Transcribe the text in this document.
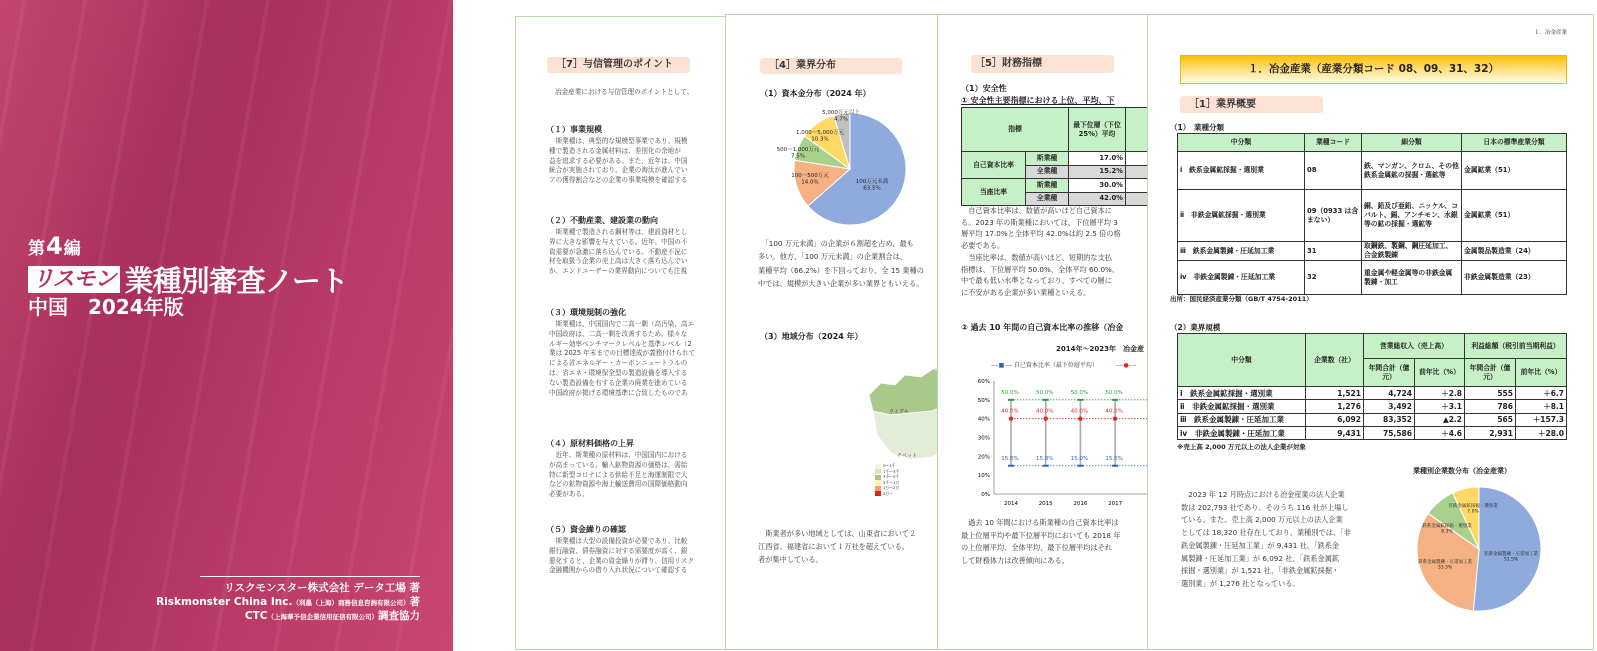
第4編
リスモン 業種別審査ノート
中国　2024年版
リスクモンスター株式会社 データ工場 著
Riskmonster China Inc.（利墨（上海）商務信息咨詢有限公司）著
CTC（上海華予信企業信用征信有限公司）調査協力
［7］与信管理のポイント
冶金産業における与信管理のポイントとして、
（１）事業規模
　斯業種は、典型的な規模型事業であり、規模
種で製造される金属材料は、差別化の余地が
益を追求する必要がある。また、近年は、中国
統合が実施されており、企業の淘汰が進んでい
アの獲得割合などの企業の事業規模を確認する
（２）不動産業、建設業の動向
　斯業種で製造される鋼材等は、建設資材とし
界に大きな影響を与えている。近年、中国の不
資需要が急激に落ち込んでいる。不動産不況に
材を取扱う企業の売上高は大きく落ち込んでい
か、エンドユーザーの業界動向についても注視
（３）環境規制の強化
　斯業種は、中国国内で二高一剰（高汚染、高エ
中国政府は、二高一剰を改善するため、様々な
ルギー効率ベンチマークレベルと基準レベル（2
業は 2025 年末までの目標達成が義務付けられて
による省エネルギー・カーボンニュートラルの
は、省エネ・環境保全型の製造設備を導入する
ない製造設備を有する企業の廃業を進めている
中国政府が掲げる環境基準に合致したものであ
（４）原材料価格の上昇
　近年、斯業種の原材料は、中国国内における
が高まっている。輸入鉱物資源の価格は、需給
特に新型コロナによる供給不足と海運制限で大
などの鉱物資源や海上輸送費用の国際価格動向
必要がある。
（５）資金繰りの確認
　斯業種は大型の設備投資が必要であり、比較
銀行融資、債券融資に対する需要度が高く、銀
悪化すると、企業の資金繰りが滞り、信用リスク
金融機関からの借り入れ状況について確認する
［4］業界分布
（1）資本金分布（2024 年）
100万元未満 63.5%
100～500万元 14.0%
500～1,000万元 7.5%
1,000～5,000万元 10.3%
5,000万元以上 4.7%
　「100 万元未満」の企業が６割超を占め、最も
多い。他方、「100 万元未満」の企業割合は、
業種平均（66.2%）を下回っており、全 15 業種の
中では、規模が大きい企業が多い業界ともいえる。
（3）地域分布（2024 年）
ウイグル
チベット
0～1千
1千～3千
3千～5千
5千～1万
1万～2万
2万～
　斯業者が多い地域としては、山東省において２
江西省、福建省において１万社を超えている。
者が集中している。
［5］財務指標
（1）安全性
① 安全性主要指標における上位、平均、下
指標		最下位層（下位 25%）平均	
自己資本比率	斯業種	17.0%	
	全業種	15.2%	
当座比率	斯業種	30.0%	
	全業種	42.0%	
　自己資本比率は、数値が高いほど自己資本に
る。2023 年の斯業種においては、下位層平均 3
層平均 17.0%と全体平均 42.0%は約 2.5 倍の格
必要である。
　当座比率は、数値が高いほど、短期的な支払
指標は、下位層平均 50.0%、全体平均 60.0%、
中で最も低い水準となっており、すべての層に
に不安がある企業が多い業種といえる。
② 過去 10 年間の自己資本比率の推移（冶金
2014年～2023年　冶金産
‒‒■‒‒ 自己資本比率（最下位層平均）	‒‒●‒‒
0%
10%
20%
30%
40%
50%
60%
2014	2015	2016	2017
50.0%	50.0%	50.0%	50.0%
40.0%	40.0%	40.0%	40.0%
15.0%	15.0%	15.0%	15.0%
　過去 10 年間における斯業種の自己資本比率は
最上位層平均や最下位層平均においても 2018 年
の上位層平均、全体平均、最下位層平均はそれ
して財務体力は改善傾向にある。
１．冶金産業
１．冶金産業（産業分類コード 08、09、31、32）
［1］業界概要
（1）　業種分類
中分類	業種コード	細分類	日本の標準産業分類
ⅰ　鉄系金属鉱採掘・選別業	08	鉄、マンガン、クロム、その他鉄系金属鉱の採掘・選鉱等	金属鉱業（51）
ⅱ　非鉄金属鉱採掘・選別業	09（0933 は含まない）	銅、鉛及び亜鉛、ニッケル、コバルト、錫、アンチモン、水銀等の鉱の採掘・選鉱等	金属鉱業（51）
ⅲ　鉄系金属製錬・圧延加工業	31	取鋼鉄、製鋼、鋼圧延加工、合金鉄製錬	金属製品製造業（24）
ⅳ　非鉄金属製錬・圧延加工業	32	重金属や軽金属等の非鉄金属製錬・加工	非鉄金属製造業（23）
出所：国民経済産業分類（GB/T 4754-2011）
（2）業界規模
中分類	企業数（社）	営業総収入（売上高）		利益総額（税引前当期利益）	
		年間合計（億元）	前年比（%）	年間合計（億元）	前年比（%）
ⅰ　鉄系金属鉱採掘・選別業	1,521	4,724	＋2.8	555	＋6.7
ⅱ　非鉄金属鉱採掘・選別業	1,276	3,492	＋3.1	786	＋8.1
ⅲ　鉄系金属製錬・圧延加工業	6,092	83,352	▲2.2	565	＋157.3
ⅳ　非鉄金属製錬・圧延加工業	9,431	75,586	＋4.6	2,931	＋28.0
※売上高 2,000 万元以上の法人企業が対象
　2023 年 12 月時点における冶金産業の法人企業
数は 202,793 社であり、そのうち 116 社が上場し
ている。また、売上高 2,000 万元以上の法人企業
としては 18,320 社存在しており、業種別では、「非
鉄金属製錬・圧延加工業」が 9,431 社、「鉄系金
属製錬・圧延加工業」が 6,092 社、「鉄系金属鉱
採掘・選別業」が 1,521 社、「非鉄金属鉱採掘・
選別業」が 1,276 社となっている。
業種別企業数分布（冶金産業）
非鉄金属製錬・圧延加工業 51.5%
鉄系金属製錬・圧延加工業 33.3%
鉄系金属鉱採掘・選別業 8.3%
非鉄金属鉱採掘・選別業 7.0%
